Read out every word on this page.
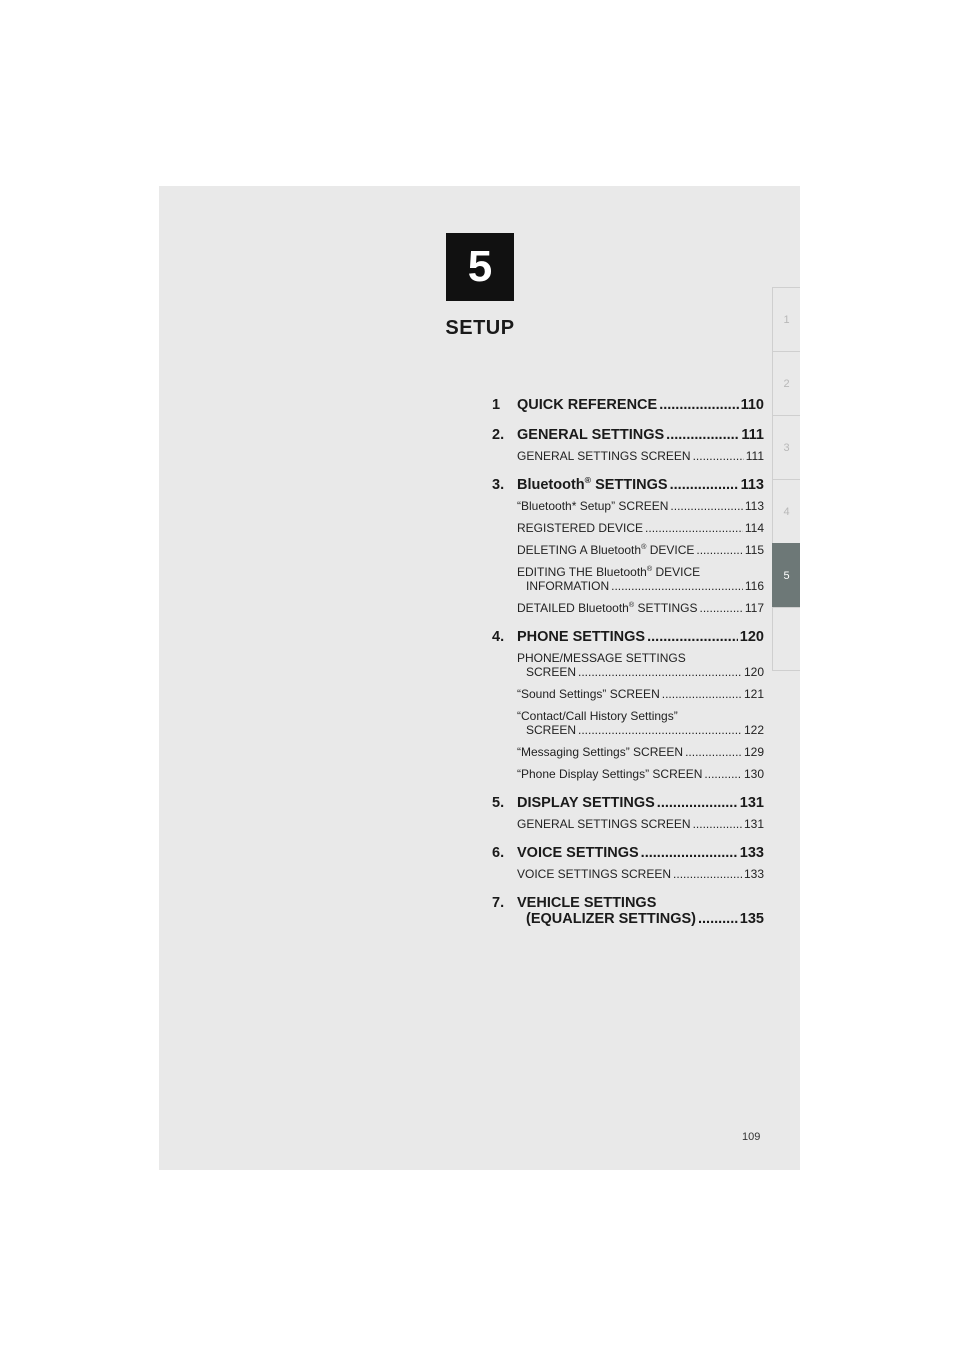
5
SETUP	1
2
3
4
5
1 QUICK REFERENCE .....	110
2. GENERAL SETTINGS .....	111
GENERAL SETTINGS SCREEN .....	111
3. Bluetooth® SETTINGS .....	113
“Bluetooth* Setup” SCREEN .....	113
REGISTERED DEVICE .....	114
DELETING A Bluetooth® DEVICE .....	115
EDITING THE Bluetooth® DEVICE
INFORMATION .....	116
DETAILED Bluetooth® SETTINGS .....	117
4. PHONE SETTINGS .....	120
PHONE/MESSAGE SETTINGS
SCREEN .....	120
“Sound Settings” SCREEN .....	121
“Contact/Call History Settings”
SCREEN .....	122
“Messaging Settings” SCREEN .....	129
“Phone Display Settings” SCREEN .....	130
5. DISPLAY SETTINGS .....	131
GENERAL SETTINGS SCREEN .....	131
6. VOICE SETTINGS .....	133
VOICE SETTINGS SCREEN .....	133
7. VEHICLE SETTINGS
(EQUALIZER SETTINGS) .....	135
109
